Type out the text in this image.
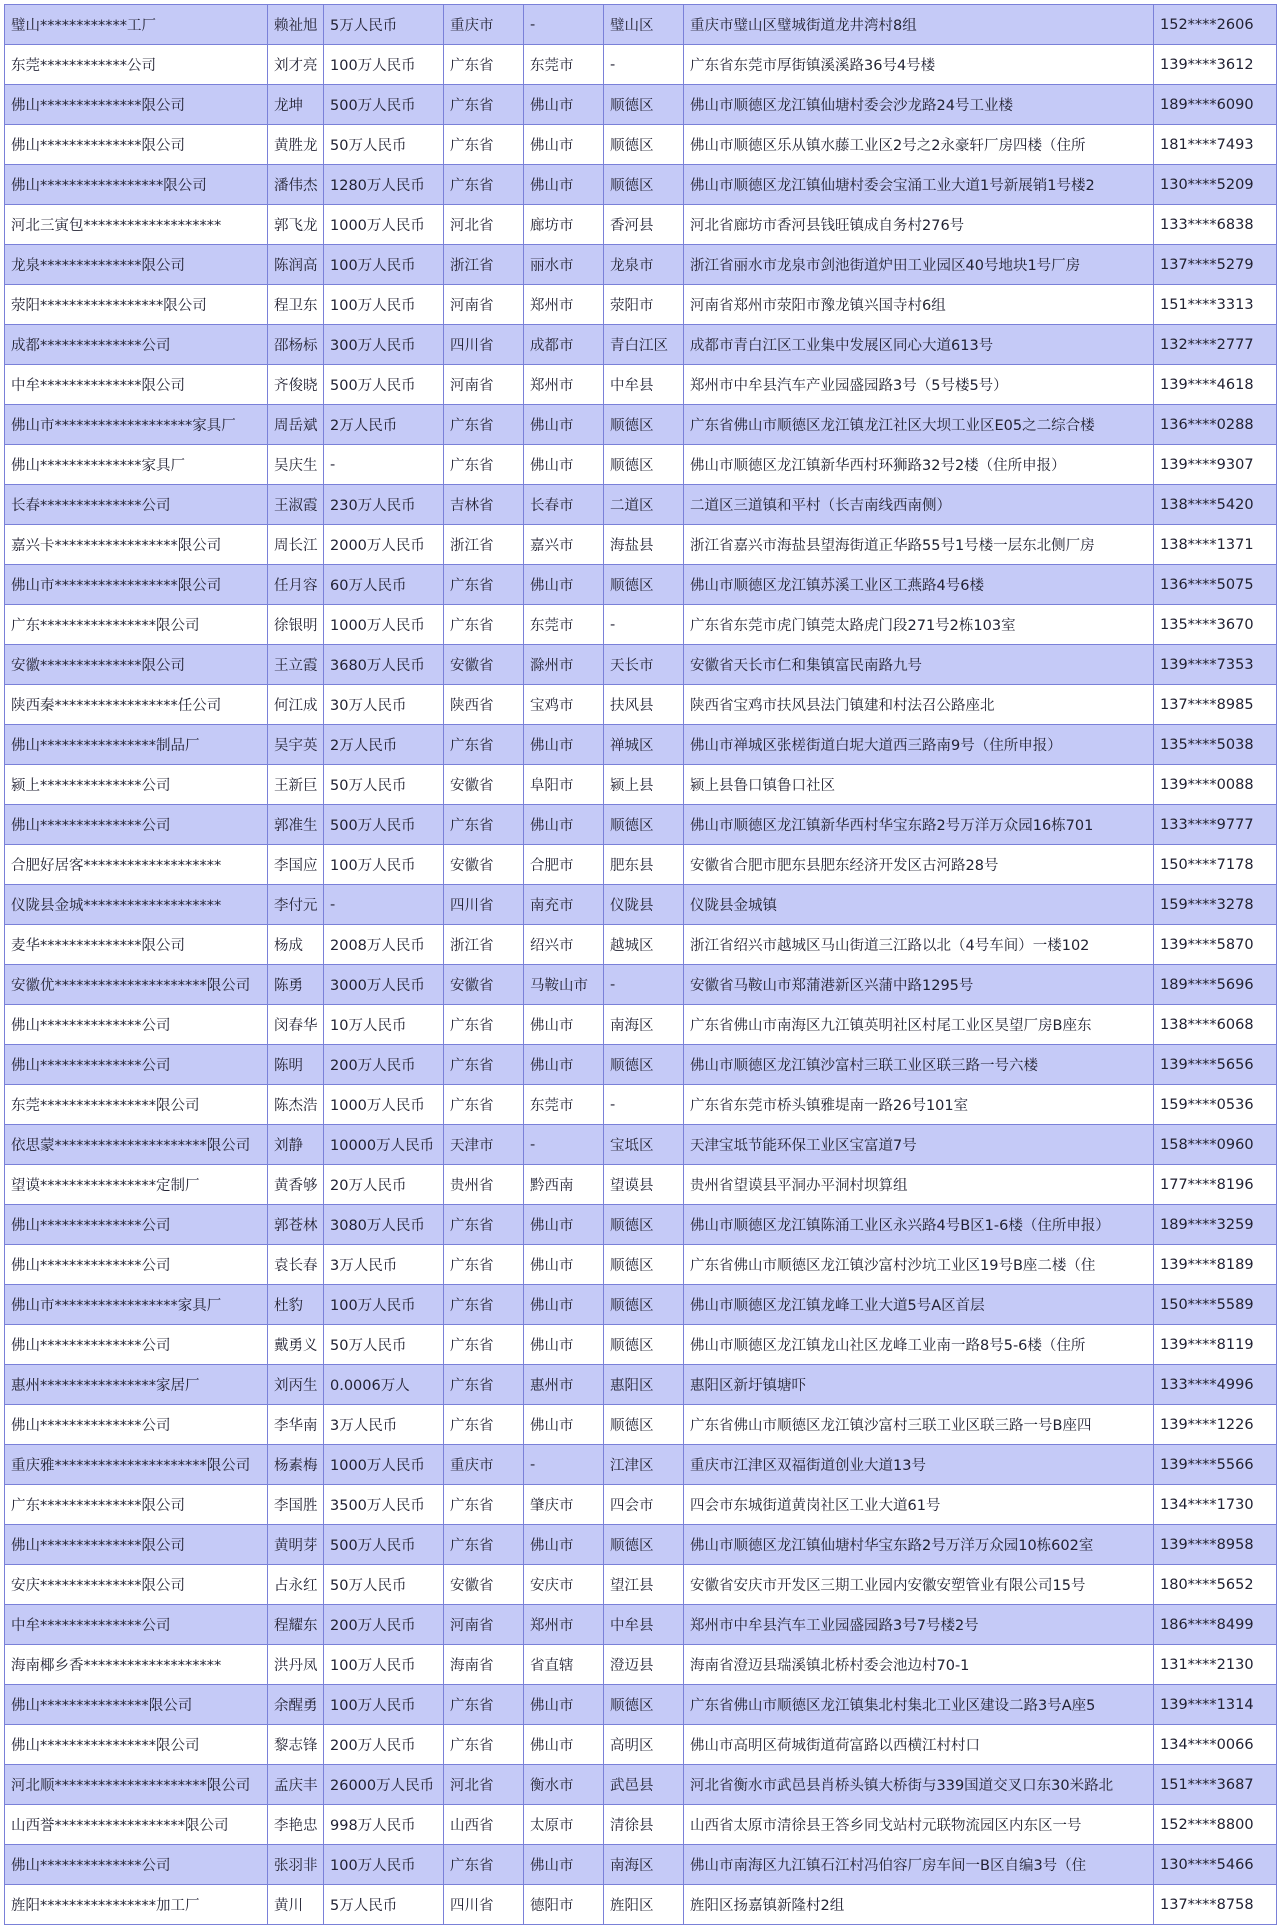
璧山************工厂	赖祉旭	5万人民币	重庆市	-	璧山区	重庆市璧山区璧城街道龙井湾村8组	152****2606
东莞************公司	刘才亮	100万人民币	广东省	东莞市	-	广东省东莞市厚街镇溪溪路36号4号楼	139****3612
佛山**************限公司	龙坤	500万人民币	广东省	佛山市	顺德区	佛山市顺德区龙江镇仙塘村委会沙龙路24号工业楼	189****6090
佛山**************限公司	黄胜龙	50万人民币	广东省	佛山市	顺德区	佛山市顺德区乐从镇水藤工业区2号之2永豪轩厂房四楼（住所	181****7493
佛山*****************限公司	潘伟杰	1280万人民币	广东省	佛山市	顺德区	佛山市顺德区龙江镇仙塘村委会宝涌工业大道1号新展销1号楼2	130****5209
河北三寅包*******************	郭飞龙	1000万人民币	河北省	廊坊市	香河县	河北省廊坊市香河县钱旺镇成自务村276号	133****6838
龙泉**************限公司	陈润高	100万人民币	浙江省	丽水市	龙泉市	浙江省丽水市龙泉市剑池街道炉田工业园区40号地块1号厂房	137****5279
荥阳*****************限公司	程卫东	100万人民币	河南省	郑州市	荥阳市	河南省郑州市荥阳市豫龙镇兴国寺村6组	151****3313
成都**************公司	邵杨标	300万人民币	四川省	成都市	青白江区	成都市青白江区工业集中发展区同心大道613号	132****2777
中牟**************限公司	齐俊晓	500万人民币	河南省	郑州市	中牟县	郑州市中牟县汽车产业园盛园路3号（5号楼5号）	139****4618
佛山市*******************家具厂	周岳斌	2万人民币	广东省	佛山市	顺德区	广东省佛山市顺德区龙江镇龙江社区大坝工业区E05之二综合楼	136****0288
佛山**************家具厂	吴庆生	-	广东省	佛山市	顺德区	佛山市顺德区龙江镇新华西村环狮路32号2楼（住所申报）	139****9307
长春**************公司	王淑霞	230万人民币	吉林省	长春市	二道区	二道区三道镇和平村（长吉南线西南侧）	138****5420
嘉兴卡*****************限公司	周长江	2000万人民币	浙江省	嘉兴市	海盐县	浙江省嘉兴市海盐县望海街道正华路55号1号楼一层东北侧厂房	138****1371
佛山市*****************限公司	任月容	60万人民币	广东省	佛山市	顺德区	佛山市顺德区龙江镇苏溪工业区工燕路4号6楼	136****5075
广东****************限公司	徐银明	1000万人民币	广东省	东莞市	-	广东省东莞市虎门镇莞太路虎门段271号2栋103室	135****3670
安徽**************限公司	王立霞	3680万人民币	安徽省	滁州市	天长市	安徽省天长市仁和集镇富民南路九号	139****7353
陕西秦*****************任公司	何江成	30万人民币	陕西省	宝鸡市	扶风县	陕西省宝鸡市扶风县法门镇建和村法召公路座北	137****8985
佛山****************制品厂	吴宇英	2万人民币	广东省	佛山市	禅城区	佛山市禅城区张槎街道白坭大道西三路南9号（住所申报）	135****5038
颍上**************公司	王新巨	50万人民币	安徽省	阜阳市	颍上县	颍上县鲁口镇鲁口社区	139****0088
佛山**************公司	郭准生	500万人民币	广东省	佛山市	顺德区	佛山市顺德区龙江镇新华西村华宝东路2号万洋万众园16栋701	133****9777
合肥好居客*******************	李国应	100万人民币	安徽省	合肥市	肥东县	安徽省合肥市肥东县肥东经济开发区古河路28号	150****7178
仪陇县金城*******************	李付元	-	四川省	南充市	仪陇县	仪陇县金城镇	159****3278
麦华**************限公司	杨成	2008万人民币	浙江省	绍兴市	越城区	浙江省绍兴市越城区马山街道三江路以北（4号车间）一楼102	139****5870
安徽优*********************限公司	陈勇	3000万人民币	安徽省	马鞍山市	-	安徽省马鞍山市郑蒲港新区兴蒲中路1295号	189****5696
佛山**************公司	闵春华	10万人民币	广东省	佛山市	南海区	广东省佛山市南海区九江镇英明社区村尾工业区昊望厂房B座东	138****6068
佛山**************公司	陈明	200万人民币	广东省	佛山市	顺德区	佛山市顺德区龙江镇沙富村三联工业区联三路一号六楼	139****5656
东莞****************限公司	陈杰浩	1000万人民币	广东省	东莞市	-	广东省东莞市桥头镇雅堤南一路26号101室	159****0536
依思蒙*********************限公司	刘静	10000万人民币	天津市	-	宝坻区	天津宝坻节能环保工业区宝富道7号	158****0960
望谟****************定制厂	黄香够	20万人民币	贵州省	黔西南	望谟县	贵州省望谟县平洞办平洞村坝算组	177****8196
佛山**************公司	郭苍林	3080万人民币	广东省	佛山市	顺德区	佛山市顺德区龙江镇陈涌工业区永兴路4号B区1-6楼（住所申报）	189****3259
佛山**************公司	袁长春	3万人民币	广东省	佛山市	顺德区	广东省佛山市顺德区龙江镇沙富村沙坑工业区19号B座二楼（住	139****8189
佛山市*****************家具厂	杜豹	100万人民币	广东省	佛山市	顺德区	佛山市顺德区龙江镇龙峰工业大道5号A区首层	150****5589
佛山**************公司	戴勇义	50万人民币	广东省	佛山市	顺德区	佛山市顺德区龙江镇龙山社区龙峰工业南一路8号5-6楼（住所	139****8119
惠州****************家居厂	刘丙生	0.0006万人	广东省	惠州市	惠阳区	惠阳区新圩镇塘吓	133****4996
佛山**************公司	李华南	3万人民币	广东省	佛山市	顺德区	广东省佛山市顺德区龙江镇沙富村三联工业区联三路一号B座四	139****1226
重庆雅*********************限公司	杨素梅	1000万人民币	重庆市	-	江津区	重庆市江津区双福街道创业大道13号	139****5566
广东**************限公司	李国胜	3500万人民币	广东省	肇庆市	四会市	四会市东城街道黄岗社区工业大道61号	134****1730
佛山**************限公司	黄明芽	500万人民币	广东省	佛山市	顺德区	佛山市顺德区龙江镇仙塘村华宝东路2号万洋万众园10栋602室	139****8958
安庆**************限公司	占永红	50万人民币	安徽省	安庆市	望江县	安徽省安庆市开发区三期工业园内安徽安塑管业有限公司15号	180****5652
中牟**************公司	程耀东	200万人民币	河南省	郑州市	中牟县	郑州市中牟县汽车工业园盛园路3号7号楼2号	186****8499
海南椰乡香*******************	洪丹凤	100万人民币	海南省	省直辖	澄迈县	海南省澄迈县瑞溪镇北桥村委会池边村70-1	131****2130
佛山***************限公司	余醒勇	100万人民币	广东省	佛山市	顺德区	广东省佛山市顺德区龙江镇集北村集北工业区建设二路3号A座5	139****1314
佛山****************限公司	黎志锋	200万人民币	广东省	佛山市	高明区	佛山市高明区荷城街道荷富路以西横江村村口	134****0066
河北顺*********************限公司	孟庆丰	26000万人民币	河北省	衡水市	武邑县	河北省衡水市武邑县肖桥头镇大桥街与339国道交叉口东30米路北	151****3687
山西誉******************限公司	李艳忠	998万人民币	山西省	太原市	清徐县	山西省太原市清徐县王答乡同戈站村元联物流园区内东区一号	152****8800
佛山**************公司	张羽非	100万人民币	广东省	佛山市	南海区	佛山市南海区九江镇石江村冯伯容厂房车间一B区自编3号（住	130****5466
旌阳****************加工厂	黄川	5万人民币	四川省	德阳市	旌阳区	旌阳区扬嘉镇新隆村2组	137****8758
